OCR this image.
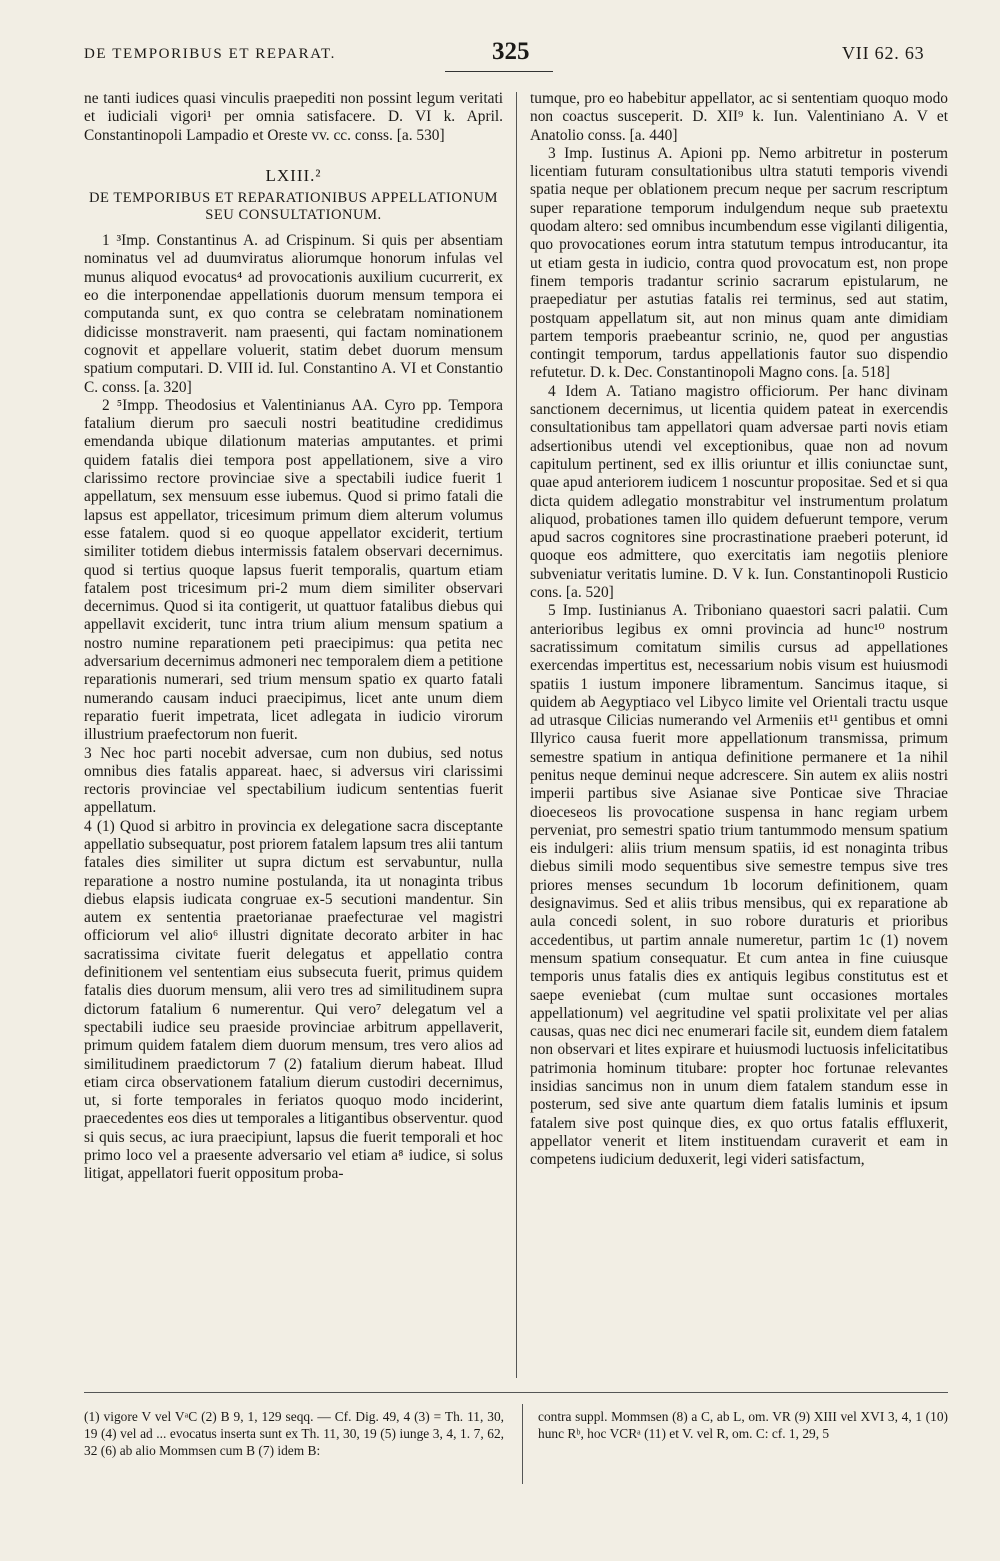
DE TEMPORIBUS ET REPARAT.	325	VII 62. 63

ne tanti iudices quasi vinculis praepediti non possint legum veritati et iudiciali vigori¹ per omnia satisfacere. D. VI k. April. Constantinopoli Lampadio et Oreste vv. cc. conss. [a. 530]

LXIII.²

DE TEMPORIBUS ET REPARATIONIBUS APPELLATIONUM SEU CONSULTATIONUM.

1 ³Imp. Constantinus A. ad Crispinum. Si quis per absentiam nominatus vel ad duumviratus aliorumque honorum infulas vel munus aliquod evocatus⁴ ad provocationis auxilium cucurrerit, ex eo die interponendae appellationis duorum mensum tempora ei computanda sunt, ex quo contra se celebratam nominationem didicisse monstraverit. nam praesenti, qui factam nominationem cognovit et appellare voluerit, statim debet duorum mensum spatium computari. D. VIII id. Iul. Constantino A. VI et Constantio C. conss. [a. 320]

2 ⁵Impp. Theodosius et Valentinianus AA. Cyro pp. Tempora fatalium dierum pro saeculi nostri beatitudine credidimus emendanda ubique dilationum materias amputantes. et primi quidem fatalis diei tempora post appellationem, sive a viro clarissimo rectore provinciae sive a spectabili iudice fuerit 1 appellatum, sex mensuum esse iubemus. Quod si primo fatali die lapsus est appellator, tricesimum primum diem alterum volumus esse fatalem. quod si eo quoque appellator exciderit, tertium similiter totidem diebus intermissis fatalem observari decernimus. quod si tertius quoque lapsus fuerit temporalis, quartum etiam fatalem post tricesimum pri-2 mum diem similiter observari decernimus. Quod si ita contigerit, ut quattuor fatalibus diebus qui appellavit exciderit, tunc intra trium alium mensum spatium a nostro numine reparationem peti praecipimus: qua petita nec adversarium decernimus admoneri nec temporalem diem a petitione reparationis numerari, sed trium mensum spatio ex quarto fatali numerando causam induci praecipimus, licet ante unum diem reparatio fuerit impetrata, licet adlegata in iudicio virorum illustrium praefectorum non fuerit.

3 Nec hoc parti nocebit adversae, cum non dubius, sed notus omnibus dies fatalis appareat. haec, si adversus viri clarissimi rectoris provinciae vel spectabilium iudicum sententias fuerit appellatum.

4 (1) Quod si arbitro in provincia ex delegatione sacra disceptante appellatio subsequatur, post priorem fatalem lapsum tres alii tantum fatales dies similiter ut supra dictum est servabuntur, nulla reparatione a nostro numine postulanda, ita ut nonaginta tribus diebus elapsis iudicata congruae ex-5 secutioni mandentur. Sin autem ex sententia praetorianae praefecturae vel magistri officiorum vel alio⁶ illustri dignitate decorato arbiter in hac sacratissima civitate fuerit delegatus et appellatio contra definitionem vel sententiam eius subsecuta fuerit, primus quidem fatalis dies duorum mensum, alii vero tres ad similitudinem supra dictorum fatalium 6 numerentur. Qui vero⁷ delegatum vel a spectabili iudice seu praeside provinciae arbitrum appellaverit, primum quidem fatalem diem duorum mensum, tres vero alios ad similitudinem praedictorum 7 (2) fatalium dierum habeat. Illud etiam circa observationem fatalium dierum custodiri decernimus, ut, si forte temporales in feriatos quoquo modo inciderint, praecedentes eos dies ut temporales a litigantibus observentur. quod si quis secus, ac iura praecipiunt, lapsus die fuerit temporali et hoc primo loco vel a praesente adversario vel etiam a⁸ iudice, si solus litigat, appellatori fuerit oppositum proba-

tumque, pro eo habebitur appellator, ac si sententiam quoquo modo non coactus susceperit. D. XII⁹ k. Iun. Valentiniano A. V et Anatolio conss. [a. 440]

3 Imp. Iustinus A. Apioni pp. Nemo arbitretur in posterum licentiam futuram consultationibus ultra statuti temporis vivendi spatia neque per oblationem precum neque per sacrum rescriptum super reparatione temporum indulgendum neque sub praetextu quodam altero: sed omnibus incumbendum esse vigilanti diligentia, quo provocationes eorum intra statutum tempus introducantur, ita ut etiam gesta in iudicio, contra quod provocatum est, non prope finem temporis tradantur scrinio sacrarum epistularum, ne praepediatur per astutias fatalis rei terminus, sed aut statim, postquam appellatum sit, aut non minus quam ante dimidiam partem temporis praebeantur scrinio, ne, quod per angustias contingit temporum, tardus appellationis fautor suo dispendio refutetur. D. k. Dec. Constantinopoli Magno cons. [a. 518]

4 Idem A. Tatiano magistro officiorum. Per hanc divinam sanctionem decernimus, ut licentia quidem pateat in exercendis consultationibus tam appellatori quam adversae parti novis etiam adsertionibus utendi vel exceptionibus, quae non ad novum capitulum pertinent, sed ex illis oriuntur et illis coniunctae sunt, quae apud anteriorem iudicem 1 noscuntur propositae. Sed et si qua dicta quidem adlegatio monstrabitur vel instrumentum prolatum aliquod, probationes tamen illo quidem defuerunt tempore, verum apud sacros cognitores sine procrastinatione praeberi poterunt, id quoque eos admittere, quo exercitatis iam negotiis pleniore subveniatur veritatis lumine. D. V k. Iun. Constantinopoli Rusticio cons. [a. 520]

5 Imp. Iustinianus A. Triboniano quaestori sacri palatii. Cum anterioribus legibus ex omni provincia ad hunc¹⁰ nostrum sacratissimum comitatum similis cursus ad appellationes exercendas impertitus est, necessarium nobis visum est huiusmodi spatiis 1 iustum imponere libramentum. Sancimus itaque, si quidem ab Aegyptiaco vel Libyco limite vel Orientali tractu usque ad utrasque Cilicias numerando vel Armeniis et¹¹ gentibus et omni Illyrico causa fuerit more appellationum transmissa, primum semestre spatium in antiqua definitione permanere et 1a nihil penitus neque deminui neque adcrescere. Sin autem ex aliis nostri imperii partibus sive Asianae sive Ponticae sive Thraciae dioeceseos lis provocatione suspensa in hanc regiam urbem perveniat, pro semestri spatio trium tantummodo mensum spatium eis indulgeri: aliis trium mensum spatiis, id est nonaginta tribus diebus simili modo sequentibus sive semestre tempus sive tres priores menses secundum 1b locorum definitionem, quam designavimus. Sed et aliis tribus mensibus, qui ex reparatione ab aula concedi solent, in suo robore duraturis et prioribus accedentibus, ut partim annale numeretur, partim 1c (1) novem mensum spatium consequatur. Et cum antea in fine cuiusque temporis unus fatalis dies ex antiquis legibus constitutus est et saepe eveniebat (cum multae sunt occasiones mortales appellationum) vel aegritudine vel spatii prolixitate vel per alias causas, quas nec dici nec enumerari facile sit, eundem diem fatalem non observari et lites expirare et huiusmodi luctuosis infelicitatibus patrimonia hominum titubare: propter hoc fortunae relevantes insidias sancimus non in unum diem fatalem standum esse in posterum, sed sive ante quartum diem fatalis luminis et ipsum fatalem sive post quinque dies, ex quo ortus fatalis effluxerit, appellator venerit et litem instituendam curaverit et eam in competens iudicium deduxerit, legi videri satisfactum,

(1) vigore V vel VᵃC (2) B 9, 1, 129 seqq. — Cf. Dig. 49, 4 (3) = Th. 11, 30, 19 (4) vel ad ... evocatus inserta sunt ex Th. 11, 30, 19 (5) iunge 3, 4, 1. 7, 62, 32 (6) ab alio Mommsen cum B (7) idem B:
contra suppl. Mommsen (8) a C, ab L, om. VR (9) XIII vel XVI 3, 4, 1 (10) hunc Rᵇ, hoc VCRᵃ (11) et V. vel R, om. C: cf. 1, 29, 5
